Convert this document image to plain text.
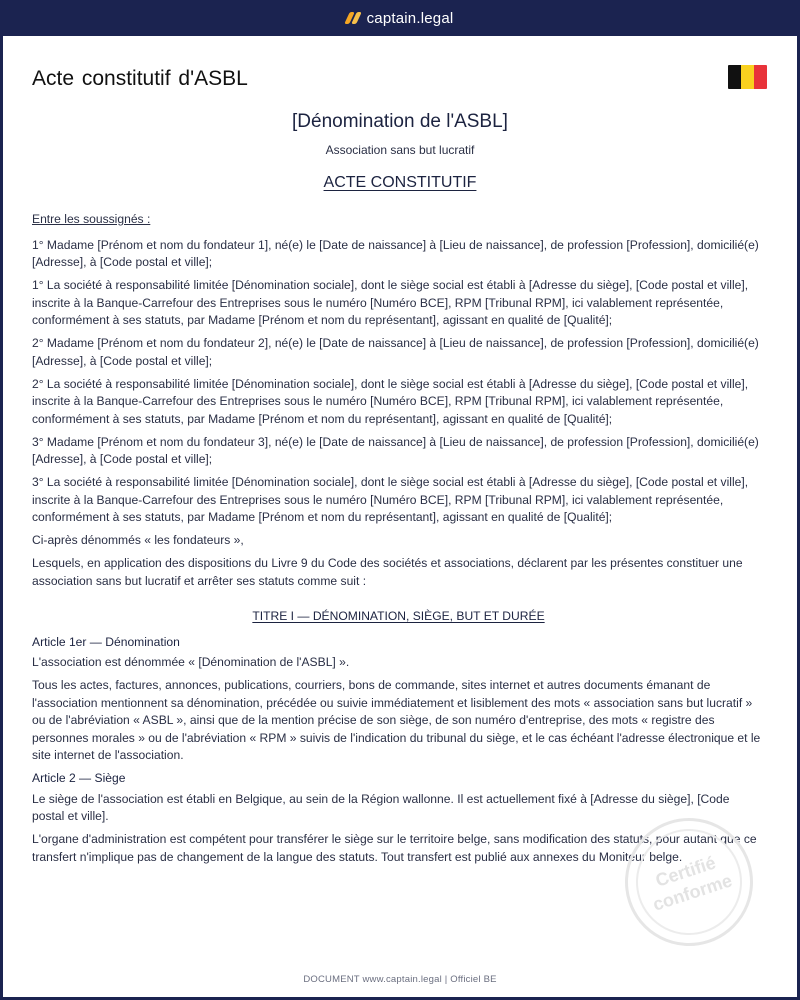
captain.legal
Acte constitutif d'ASBL
[Dénomination de l'ASBL]
Association sans but lucratif
ACTE CONSTITUTIF

Entre les soussignés :

1° Madame [Prénom et nom du fondateur 1], né(e) le [Date de naissance] à [Lieu de naissance], de profession [Profession], domicilié(e) [Adresse], à [Code postal et ville];

1° La société à responsabilité limitée [Dénomination sociale], dont le siège social est établi à [Adresse du siège], [Code postal et ville], inscrite à la Banque-Carrefour des Entreprises sous le numéro [Numéro BCE], RPM [Tribunal RPM], ici valablement représentée, conformément à ses statuts, par Madame [Prénom et nom du représentant], agissant en qualité de [Qualité];

2° Madame [Prénom et nom du fondateur 2], né(e) le [Date de naissance] à [Lieu de naissance], de profession [Profession], domicilié(e) [Adresse], à [Code postal et ville];

2° La société à responsabilité limitée [Dénomination sociale], dont le siège social est établi à [Adresse du siège], [Code postal et ville], inscrite à la Banque-Carrefour des Entreprises sous le numéro [Numéro BCE], RPM [Tribunal RPM], ici valablement représentée, conformément à ses statuts, par Madame [Prénom et nom du représentant], agissant en qualité de [Qualité];

3° Madame [Prénom et nom du fondateur 3], né(e) le [Date de naissance] à [Lieu de naissance], de profession [Profession], domicilié(e) [Adresse], à [Code postal et ville];

3° La société à responsabilité limitée [Dénomination sociale], dont le siège social est établi à [Adresse du siège], [Code postal et ville], inscrite à la Banque-Carrefour des Entreprises sous le numéro [Numéro BCE], RPM [Tribunal RPM], ici valablement représentée, conformément à ses statuts, par Madame [Prénom et nom du représentant], agissant en qualité de [Qualité];

Ci-après dénommés « les fondateurs »,

Lesquels, en application des dispositions du Livre 9 du Code des sociétés et associations, déclarent par les présentes constituer une association sans but lucratif et arrêter ses statuts comme suit :

TITRE I — DÉNOMINATION, SIÈGE, BUT ET DURÉE

Article 1er — Dénomination

L'association est dénommée « [Dénomination de l'ASBL] ».

Tous les actes, factures, annonces, publications, courriers, bons de commande, sites internet et autres documents émanant de l'association mentionnent sa dénomination, précédée ou suivie immédiatement et lisiblement des mots « association sans but lucratif » ou de l'abréviation « ASBL », ainsi que de la mention précise de son siège, de son numéro d'entreprise, des mots « registre des personnes morales » ou de l'abréviation « RPM » suivis de l'indication du tribunal du siège, et le cas échéant l'adresse électronique et le site internet de l'association.

Article 2 — Siège

Le siège de l'association est établi en Belgique, au sein de la Région wallonne. Il est actuellement fixé à [Adresse du siège], [Code postal et ville].

L'organe d'administration est compétent pour transférer le siège sur le territoire belge, sans modification des statuts, pour autant que ce transfert n'implique pas de changement de la langue des statuts. Tout transfert est publié aux annexes du Moniteur belge.

Certifié conforme
DOCUMENT www.captain.legal | Officiel BE
